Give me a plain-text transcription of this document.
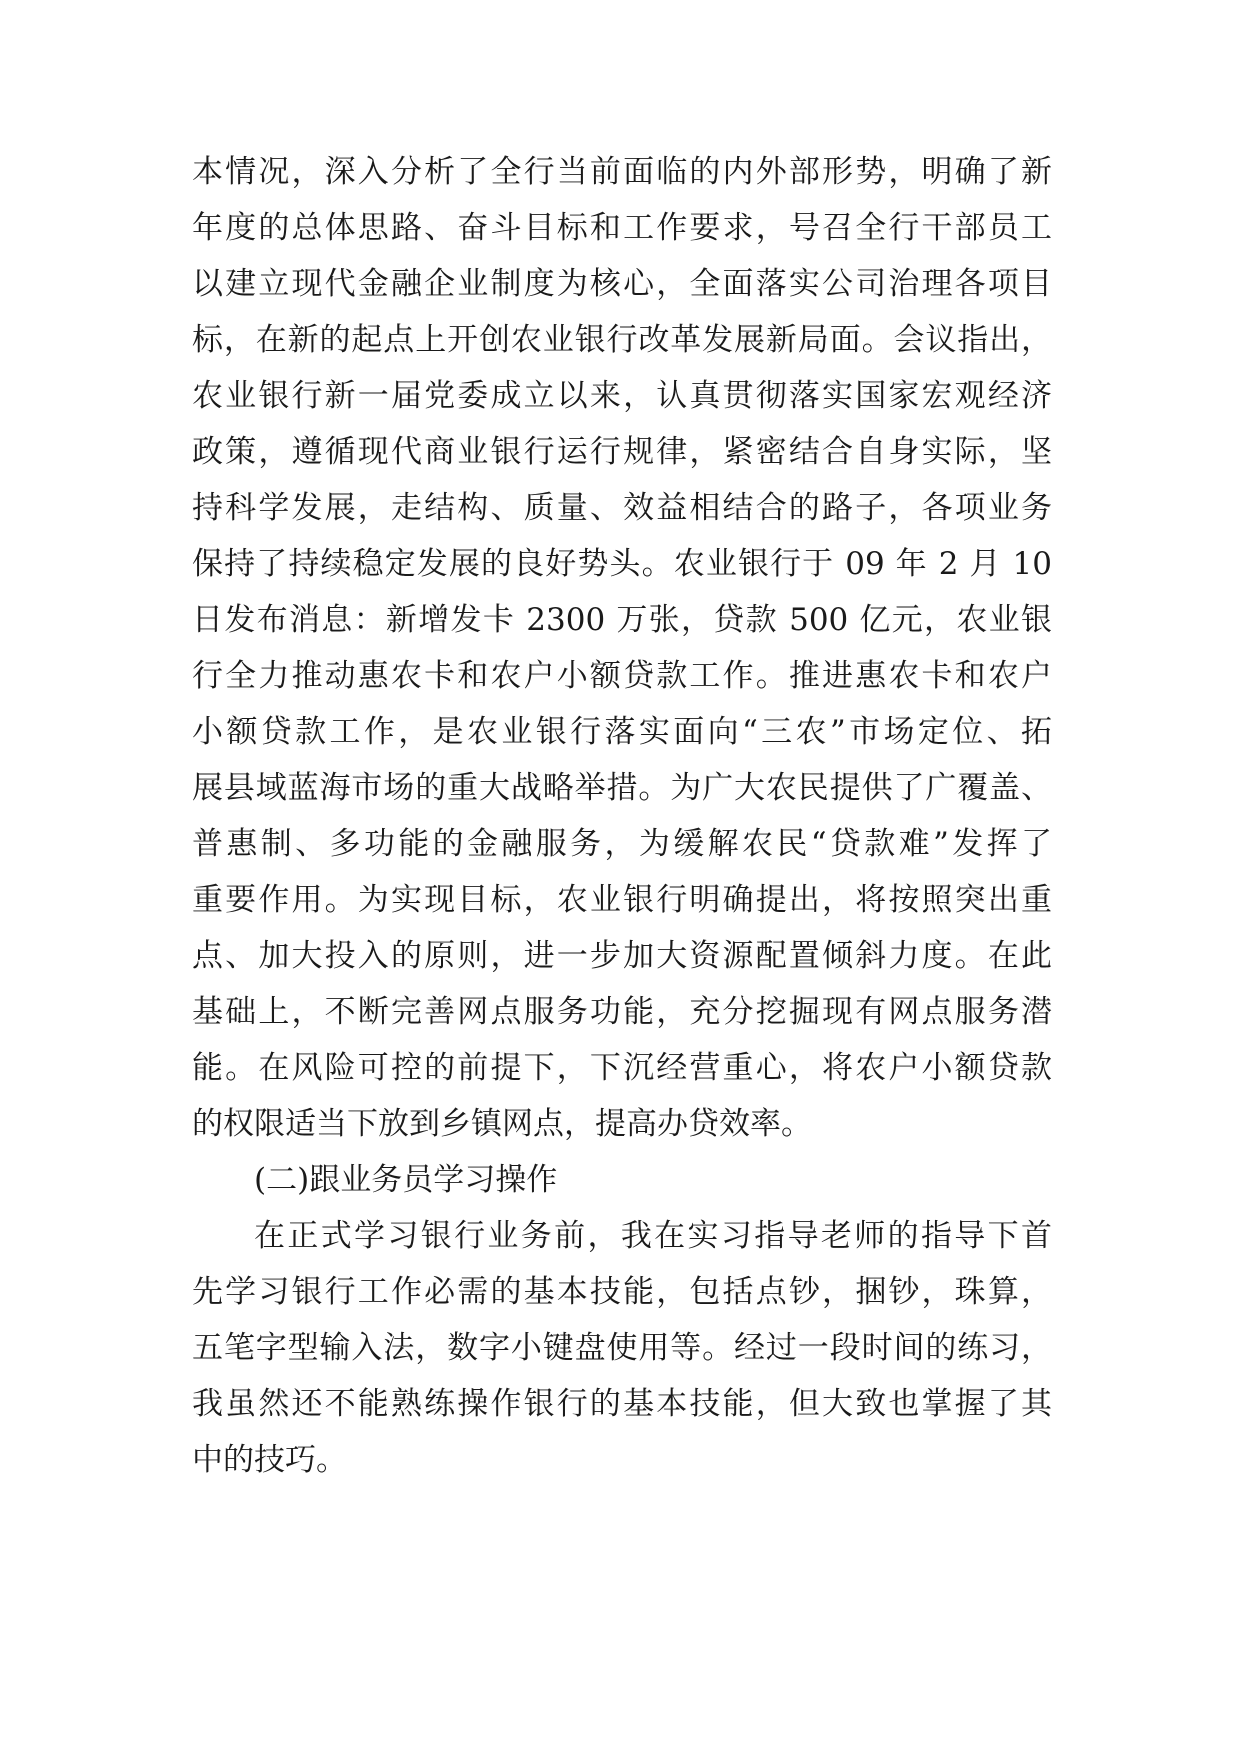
本情况，深入分析了全行当前面临的内外部形势，明确了新
年度的总体思路、奋斗目标和工作要求，号召全行干部员工
以建立现代金融企业制度为核心，全面落实公司治理各项目
标，在新的起点上开创农业银行改革发展新局面。会议指出，
农业银行新一届党委成立以来，认真贯彻落实国家宏观经济
政策，遵循现代商业银行运行规律，紧密结合自身实际，坚
持科学发展，走结构、质量、效益相结合的路子，各项业务
保持了持续稳定发展的良好势头。农业银行于 09 年 2 月 10
日发布消息：新增发卡 2300 万张，贷款 500 亿元，农业银
行全力推动惠农卡和农户小额贷款工作。推进惠农卡和农户
小额贷款工作，是农业银行落实面向“三农”市场定位、拓
展县域蓝海市场的重大战略举措。为广大农民提供了广覆盖、
普惠制、多功能的金融服务，为缓解农民“贷款难”发挥了
重要作用。为实现目标，农业银行明确提出，将按照突出重
点、加大投入的原则，进一步加大资源配置倾斜力度。在此
基础上，不断完善网点服务功能，充分挖掘现有网点服务潜
能。在风险可控的前提下，下沉经营重心，将农户小额贷款
的权限适当下放到乡镇网点，提高办贷效率。
(二)跟业务员学习操作
在正式学习银行业务前，我在实习指导老师的指导下首
先学习银行工作必需的基本技能，包括点钞，捆钞，珠算，
五笔字型输入法，数字小键盘使用等。经过一段时间的练习，
我虽然还不能熟练操作银行的基本技能，但大致也掌握了其
中的技巧。
